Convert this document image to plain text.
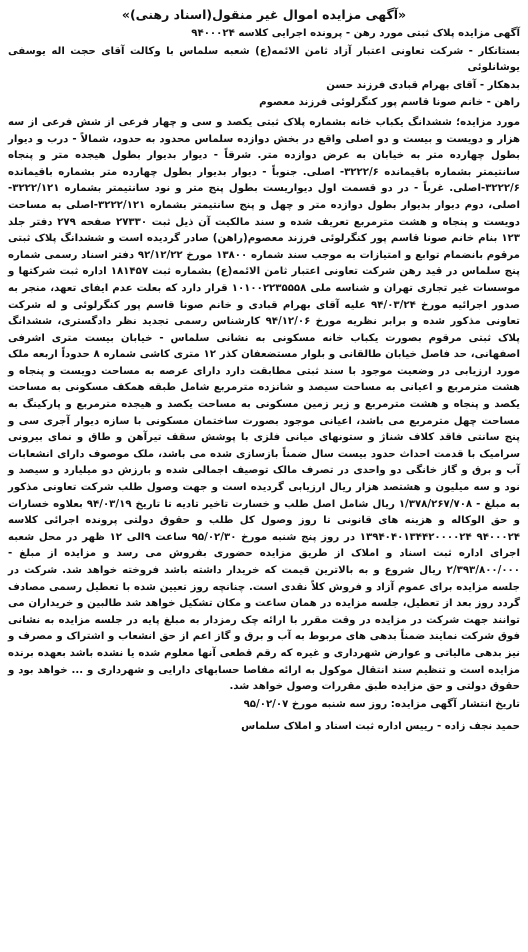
«آگهی مزایده اموال غیر منقول(اسناد رهنی)»
آگهی مزایده پلاک ثبتی مورد رهن - پرونده اجرایی کلاسه ۹۴۰۰۰۲۴
بستانکار - شرکت تعاونی اعتبار آزاد ثامن الائمه(ع) شعبه سلماس با وکالت آقای حجت اله یوسفی یوشانلوئی
بدهکار - آقای بهرام قبادی فرزند حسن
راهن - خانم صونا قاسم پور کنگرلوئی فرزند معصوم
مورد مزایده؛ ششدانگ یکباب خانه بشماره پلاک ثبتی یکصد و سی و چهار فرعی از شش فرعی از سه هزار و دویست و بیست و دو اصلی واقع در بخش دوازده سلماس محدود به حدود، شمالاً - درب و دیوار بطول چهارده متر به خیابان به عرض دوازده متر. شرقاً - دیوار بدیوار بطول هیجده متر و پنجاه سانتیمتر بشماره باقیمانده ۳۲۲۲/۶- اصلی. جنوباً - دیوار بدیوار بطول چهارده متر بشماره باقیمانده ۳۲۲۲/۶-اصلی. غرباً - در دو قسمت اول دیواریست بطول پنج متر و نود سانتیمتر بشماره ۳۲۲۲/۱۲۱-اصلی، دوم دیوار بدیوار بطول دوازده متر و چهل و پنج سانتیمتر بشماره ۳۲۲۲/۱۲۱-اصلی به مساحت دویست و پنجاه و هشت مترمربع تعریف شده و سند مالکیت آن ذیل ثبت ۲۷۳۳۰ صفحه ۲۷۹ دفتر جلد ۱۲۳ بنام خانم صونا قاسم پور کنگرلوئی فرزند معصوم(راهن) صادر گردیده است و ششدانگ پلاک ثبتی مرقوم بانضمام توابع و امتیازات به موجب سند شماره ۱۳۸۰۰ مورخ ۹۲/۱۲/۲۲ دفتر اسناد رسمی شماره پنج سلماس در قید رهن شرکت تعاونی اعتبار ثامن الائمه(ع) بشماره ثبت ۱۸۱۴۵۷ اداره ثبت شرکتها و موسسات غیر تجاری تهران و شناسه ملی ۱۰۱۰۰۲۲۳۵۵۵۸ قرار دارد که بعلت عدم ایفای تعهد، منجر به صدور اجرائیه مورخ ۹۴/۰۳/۲۴ علیه آقای بهرام قبادی و خانم صونا قاسم پور کنگرلوئی و له شرکت تعاونی مذکور شده و برابر نظریه مورخ ۹۴/۱۲/۰۶ کارشناس رسمی تجدید نظر دادگستری، ششدانگ پلاک ثبتی مرقوم بصورت یکباب خانه مسکونی به نشانی سلماس - خیابان بیست متری اشرفی اصفهانی، حد فاصل خیابان طالقانی و بلوار مستضعفان کذر ۱۲ متری کاشی شماره ۸ حدوداً اربعه ملک مورد ارزیابی در وضعیت موجود با سند ثبتی مطابقت دارد دارای عرصه به مساحت دویست و پنجاه و هشت مترمربع و اعیانی به مساحت سیصد و شانزده مترمربع شامل طبقه همکف مسکونی به مساحت یکصد و پنجاه و هشت مترمربع و زیر زمین مسکونی به مساحت یکصد و هیجده مترمربع و پارکینگ به مساحت چهل مترمربع می باشد، اعیانی موجود بصورت ساختمان مسکونی با سازه دیوار آجری سی و پنج سانتی فاقد کلاف شناژ و ستونهای میانی فلزی با پوشش سقف تیرآهن و طاق و نمای بیرونی سرامیک با قدمت احداث حدود بیست سال ضمناً بازسازی شده می باشد، ملک موصوف دارای انشعابات آب و برق و گاز خانگی دو واحدی در تصرف مالک توصیف اجمالی شده و بارزش دو میلیارد و سیصد و نود و سه میلیون و هشتصد هزار ریال ارزیابی گردیده است و جهت وصول طلب شرکت تعاونی مذکور به مبلغ - ۱/۳۷۸/۲۶۷/۷۰۸ ریال شامل اصل طلب و خسارت تاخیر تادیه تا تاریخ ۹۴/۰۳/۱۹ بعلاوه خسارات و حق الوکاله و هزینه های قانونی تا روز وصول کل طلب و حقوق دولتی پرونده اجرائی کلاسه ۹۴۰۰۰۲۴ ۱۳۹۴۰۴۰۱۳۴۴۲۰۰۰۰۲۴ در روز پنج شنبه مورخ ۹۵/۰۲/۳۰ ساعت ۹الی ۱۲ ظهر در محل شعبه اجرای اداره ثبت اسناد و املاک از طریق مزایده حضوری بفروش می رسد و مزایده از مبلغ - ۲/۳۹۳/۸۰۰/۰۰۰ ریال شروع و به بالاترین قیمت که خریدار داشته باشد فروخته خواهد شد. شرکت در جلسه مزایده برای عموم آزاد و فروش کلاً نقدی است. چنانچه روز تعیین شده با تعطیل رسمی مصادف گردد روز بعد از تعطیل، جلسه مزایده در همان ساعت و مکان تشکیل خواهد شد طالبین و خریداران می توانند جهت شرکت در مزایده در وقت مقرر با ارائه چک رمزدار به مبلغ پایه در جلسه مزایده به نشانی فوق شرکت نمایند ضمناً بدهی های مربوط به آب و برق و گاز اعم از حق انشعاب و اشتراک و مصرف و نیز بدهی مالیاتی و عوارض شهرداری و غیره که رقم قطعی آنها معلوم شده یا نشده باشد بعهده برنده مزایده است و تنظیم سند انتقال موکول به ارائه مفاصا حسابهای دارایی و شهرداری و ... خواهد بود و حقوق دولتی و حق مزایده طبق مقررات وصول خواهد شد.
تاریخ انتشار آگهی مزایده: روز سه شنبه مورخ ۹۵/۰۲/۰۷
حمید نجف زاده - رییس اداره ثبت اسناد و املاک سلماس
